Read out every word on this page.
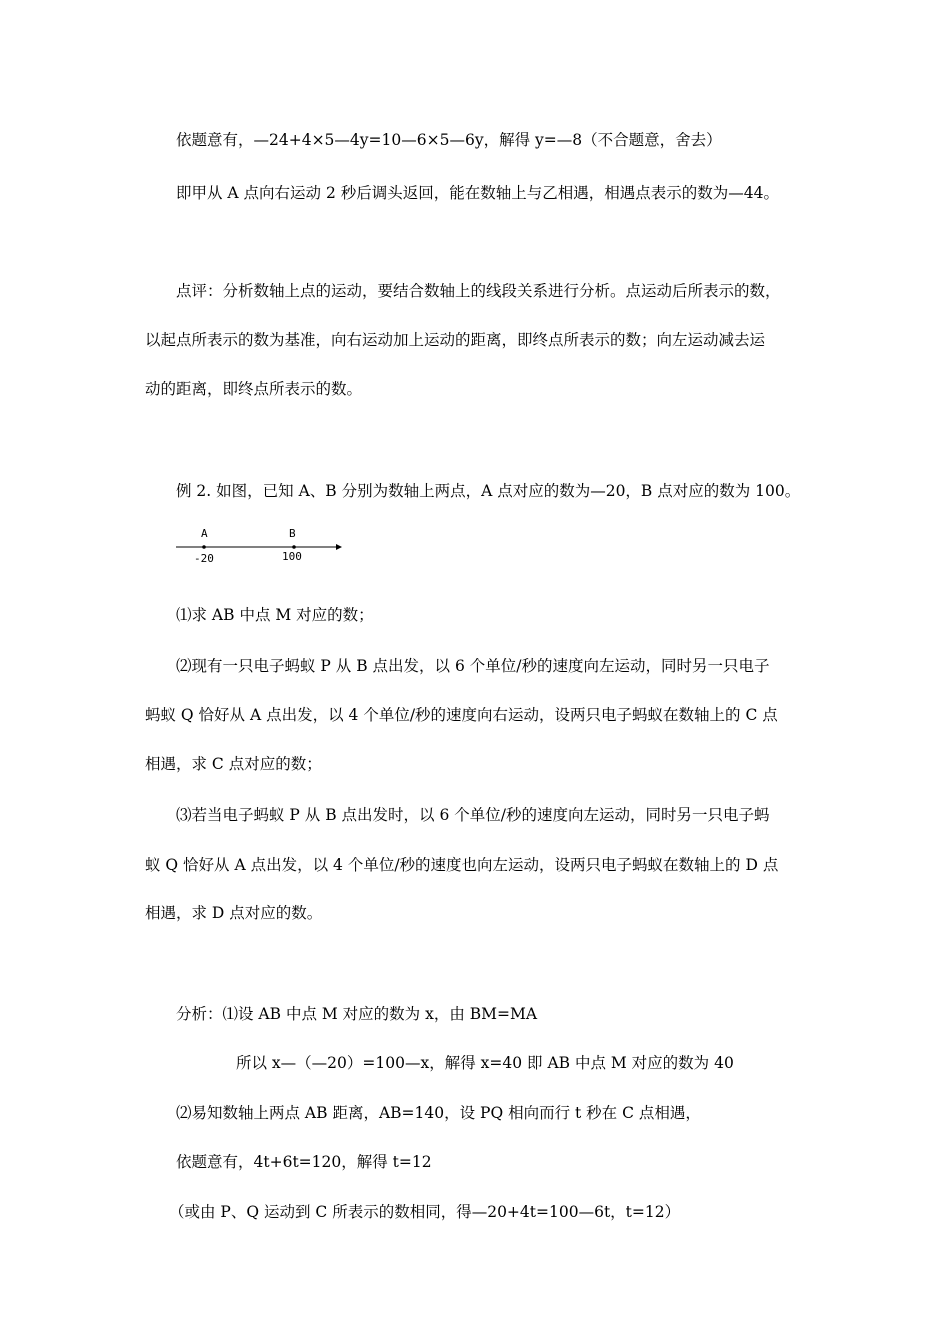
依题意有，—24+4×5—4y=10—6×5—6y，解得 y=—8（不合题意，舍去）
即甲从 A 点向右运动 2 秒后调头返回，能在数轴上与乙相遇，相遇点表示的数为—44。
点评：分析数轴上点的运动，要结合数轴上的线段关系进行分析。点运动后所表示的数，
以起点所表示的数为基准，向右运动加上运动的距离，即终点所表示的数；向左运动减去运
动的距离，即终点所表示的数。
例 2. 如图，已知 A、B 分别为数轴上两点，A 点对应的数为—20，B 点对应的数为 100。
A	B
-20	100
⑴求 AB 中点 M 对应的数；
⑵现有一只电子蚂蚁 P 从 B 点出发，以 6 个单位/秒的速度向左运动，同时另一只电子
蚂蚁 Q 恰好从 A 点出发，以 4 个单位/秒的速度向右运动，设两只电子蚂蚁在数轴上的 C 点
相遇，求 C 点对应的数；
⑶若当电子蚂蚁 P 从 B 点出发时，以 6 个单位/秒的速度向左运动，同时另一只电子蚂
蚁 Q 恰好从 A 点出发，以 4 个单位/秒的速度也向左运动，设两只电子蚂蚁在数轴上的 D 点
相遇，求 D 点对应的数。
分析：⑴设 AB 中点 M 对应的数为 x，由 BM=MA
所以 x—（—20）=100—x，解得 x=40 即 AB 中点 M 对应的数为 40
⑵易知数轴上两点 AB 距离，AB=140，设 PQ 相向而行 t 秒在 C 点相遇，
依题意有，4t+6t=120，解得 t=12
（或由 P、Q 运动到 C 所表示的数相同，得—20+4t=100—6t，t=12）
